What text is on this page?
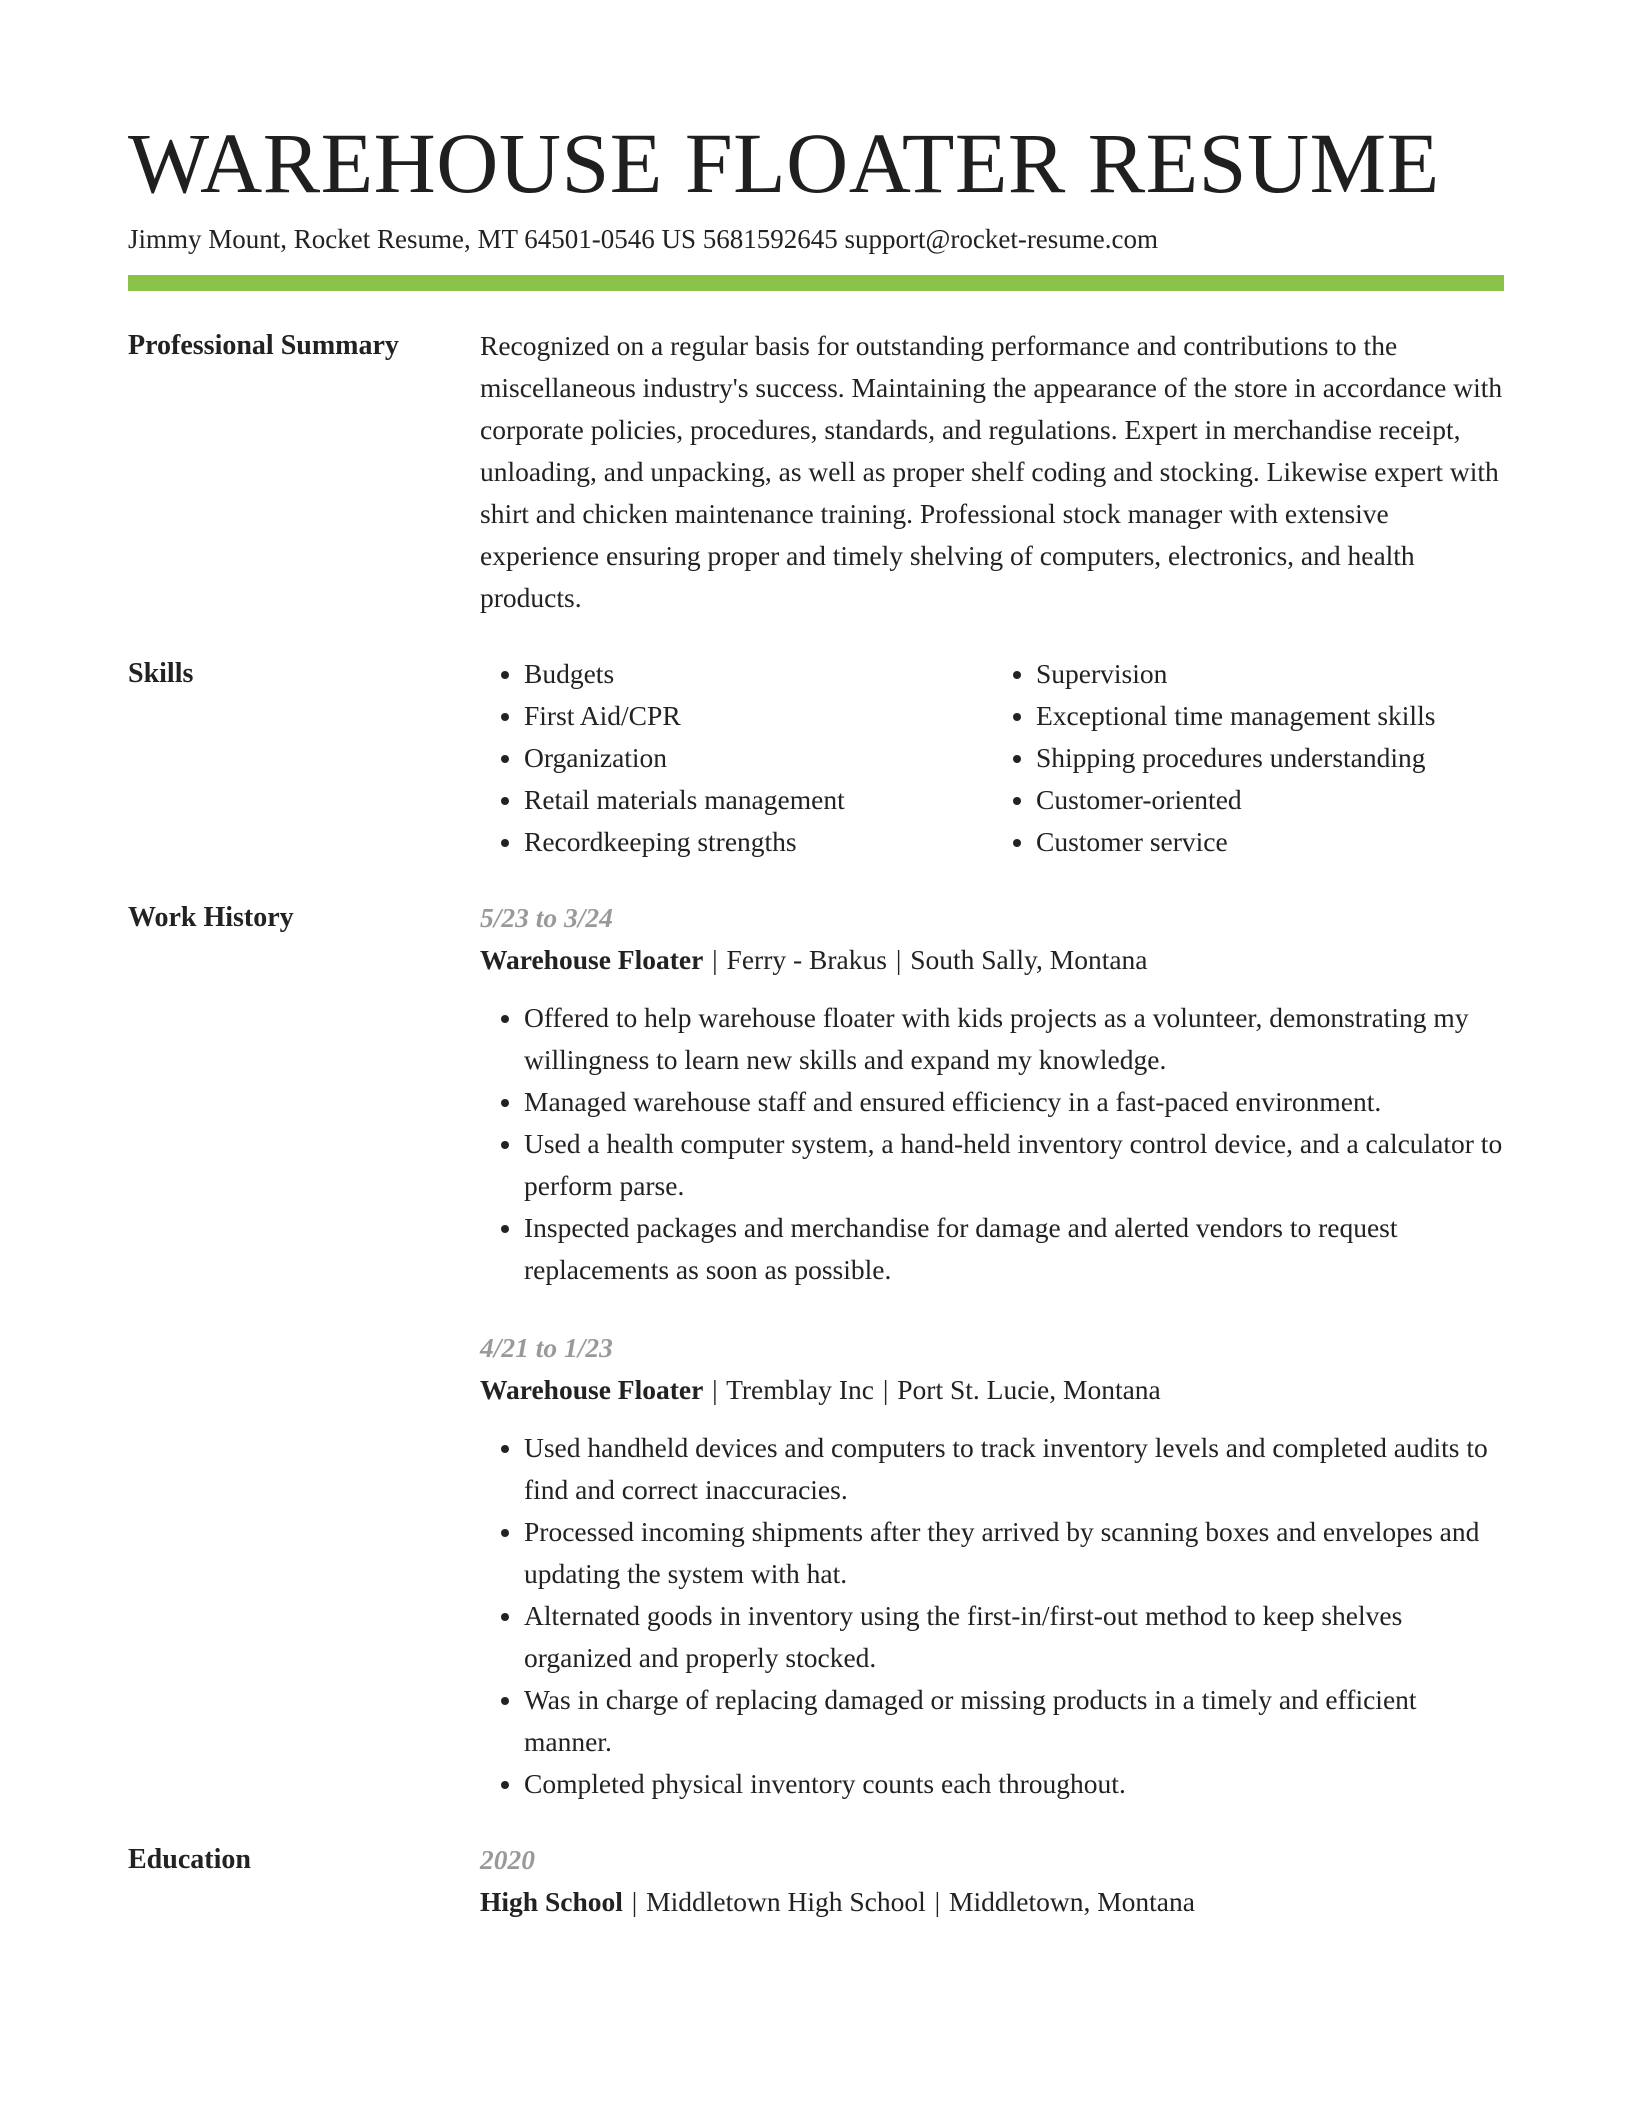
WAREHOUSE FLOATER RESUME
Jimmy Mount, Rocket Resume, MT 64501-0546 US 5681592645 support@rocket-resume.com
Professional Summary	Recognized on a regular basis for outstanding performance and contributions to the miscellaneous industry's success. Maintaining the appearance of the store in accordance with corporate policies, procedures, standards, and regulations. Expert in merchandise receipt, unloading, and unpacking, as well as proper shelf coding and stocking. Likewise expert with shirt and chicken maintenance training. Professional stock manager with extensive experience ensuring proper and timely shelving of computers, electronics, and health products.

Skills
•	Budgets
• First Aid/CPR
• Organization
• Retail materials management
• Recordkeeping strengths
• Supervision
• Exceptional time management skills
• Shipping procedures understanding
• Customer-oriented
• Customer service
Work History	5/23 to 3/24
Warehouse Floater | Ferry - Brakus | South Sally, Montana
• Offered to help warehouse floater with kids projects as a volunteer, demonstrating my willingness to learn new skills and expand my knowledge.
• Managed warehouse staff and ensured efficiency in a fast-paced environment.
• Used a health computer system, a hand-held inventory control device, and a calculator to perform parse.
• Inspected packages and merchandise for damage and alerted vendors to request replacements as soon as possible.
4/21 to 1/23
Warehouse Floater | Tremblay Inc | Port St. Lucie, Montana
• Used handheld devices and computers to track inventory levels and completed audits to find and correct inaccuracies.
• Processed incoming shipments after they arrived by scanning boxes and envelopes and updating the system with hat.
• Alternated goods in inventory using the first-in/first-out method to keep shelves organized and properly stocked.
• Was in charge of replacing damaged or missing products in a timely and efficient manner.
• Completed physical inventory counts each throughout.
Education	2020
High School | Middletown High School | Middletown, Montana
